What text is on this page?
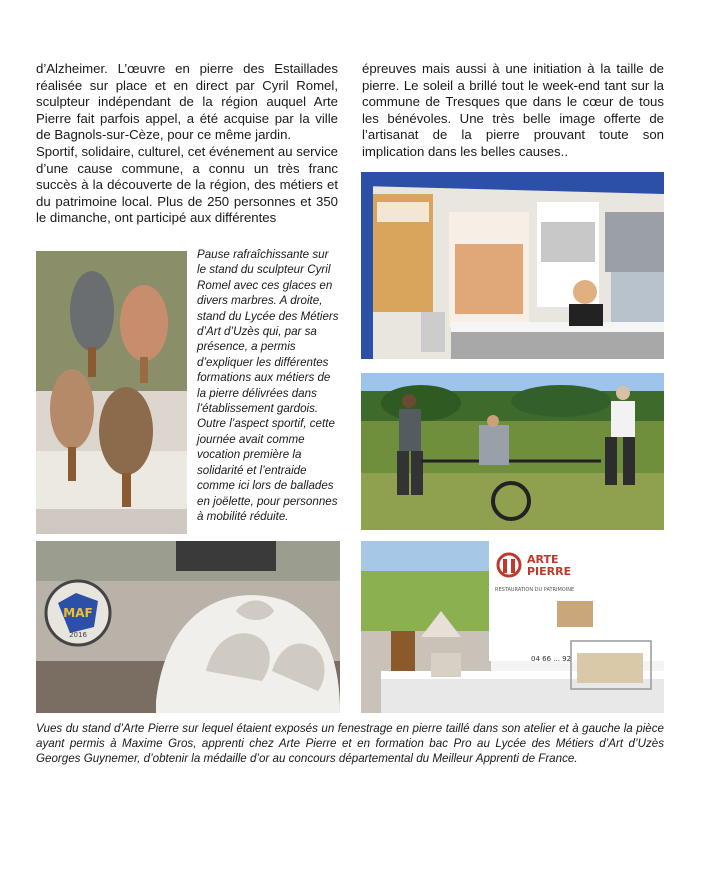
d’Alzheimer. L’œuvre en pierre des Estaillades réalisée sur place et en direct par Cyril Romel, sculpteur indépendant de la région auquel Arte Pierre fait parfois appel, a été acquise par la ville de Bagnols-sur-Cèze, pour ce même jardin.

Sportif, solidaire, culturel, cet événement au service d’une cause commune, a connu un très franc succès à la découverte de la région, des métiers et du patrimoine local. Plus de 250 personnes et 350 le dimanche, ont participé aux différentes

épreuves mais aussi à une initiation à la taille de pierre. Le soleil a brillé tout le week-end tant sur la commune de Tresques que dans le cœur de tous les bénévoles. Une très belle image offerte de l’artisanat de la pierre prouvant toute son implication dans les belles causes..

Pause rafraîchissante sur le stand du sculpteur Cyril Romel avec ces glaces en divers marbres. A droite, stand du Lycée des Métiers d’Art d’Uzès qui, par sa présence, a permis d’expliquer les différentes formations aux métiers de la pierre délivrées dans l’établissement gardois. Outre l’aspect sportif, cette journée avait comme vocation première la solidarité et l’entraide comme ici lors de ballades en joëlette, pour personnes à mobilité réduite.

MAF
2016
ARTE
PIERRE
RESTAURATION DU PATRIMOINE
04 66 ... 92

Vues du stand d’Arte Pierre sur lequel étaient exposés un fenestrage en pierre taillé dans son atelier et à gauche la pièce ayant permis à Maxime Gros, apprenti chez Arte Pierre et en formation bac Pro au Lycée des Métiers d’Art d’Uzès Georges Guynemer, d’obtenir la médaille d’or au concours départemental du Meilleur Apprenti de France.
